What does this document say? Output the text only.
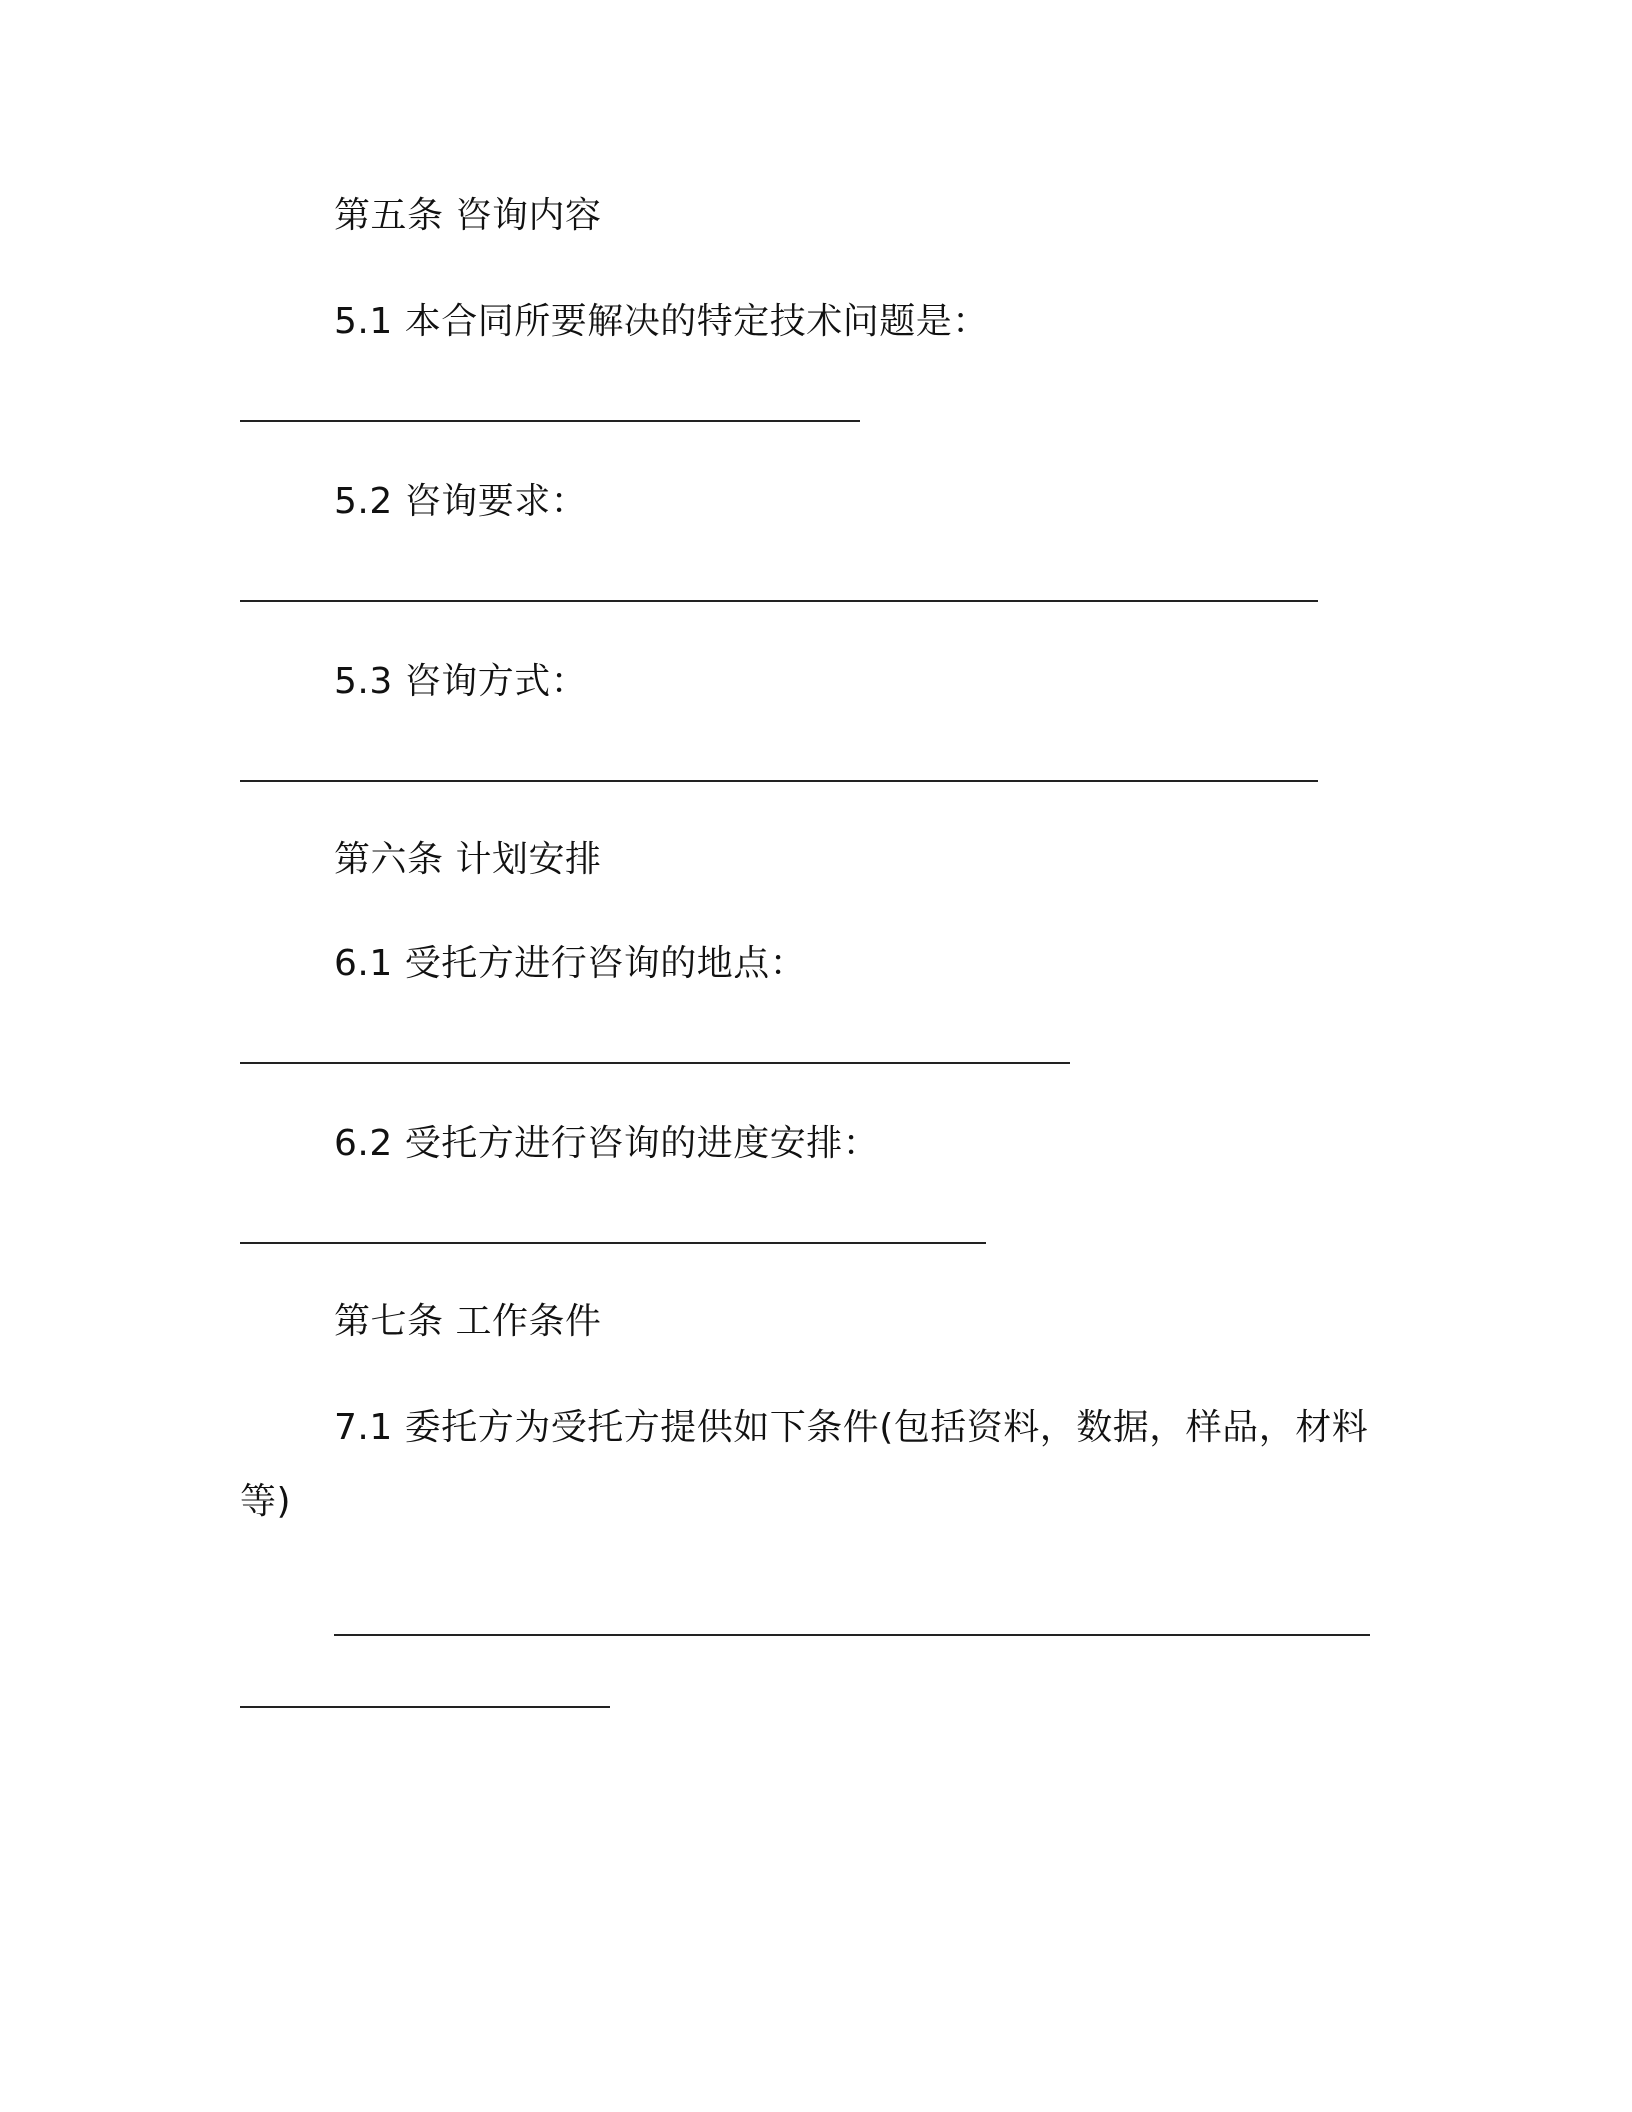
第五条 咨询内容
5.1 本合同所要解决的特定技术问题是：
5.2 咨询要求：
5.3 咨询方式：
第六条 计划安排
6.1 受托方进行咨询的地点：
6.2 受托方进行咨询的进度安排：
第七条 工作条件
7.1 委托方为受托方提供如下条件(包括资料，数据，样品，材料
等)
